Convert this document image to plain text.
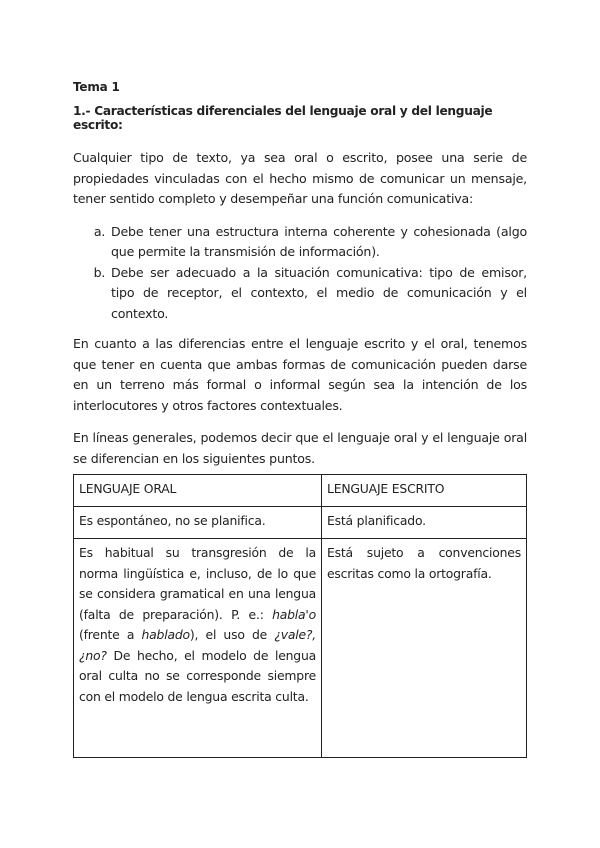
Tema 1
1.- Características diferenciales del lenguaje oral y del lenguaje escrito:

Cualquier tipo de texto, ya sea oral o escrito, posee una serie de propiedades vinculadas con el hecho mismo de comunicar un mensaje, tener sentido completo y desempeñar una función comunicativa:

a. Debe tener una estructura interna coherente y cohesionada (algo que permite la transmisión de información).
b. Debe ser adecuado a la situación comunicativa: tipo de emisor, tipo de receptor, el contexto, el medio de comunicación y el contexto.

En cuanto a las diferencias entre el lenguaje escrito y el oral, tenemos que tener en cuenta que ambas formas de comunicación pueden darse en un terreno más formal o informal según sea la intención de los interlocutores y otros factores contextuales.

En líneas generales, podemos decir que el lenguaje oral y el lenguaje oral se diferencian en los siguientes puntos.

LENGUAJE ORAL	LENGUAJE ESCRITO
Es espontáneo, no se planifica.	Está planificado.
Es habitual su transgresión de la norma lingüística e, incluso, de lo que se considera gramatical en una lengua (falta de preparación). P. e.: habla'o (frente a hablado), el uso de ¿vale?, ¿no? De hecho, el modelo de lengua oral culta no se corresponde siempre con el modelo de lengua escrita culta.	Está sujeto a convenciones escritas como la ortografía.
